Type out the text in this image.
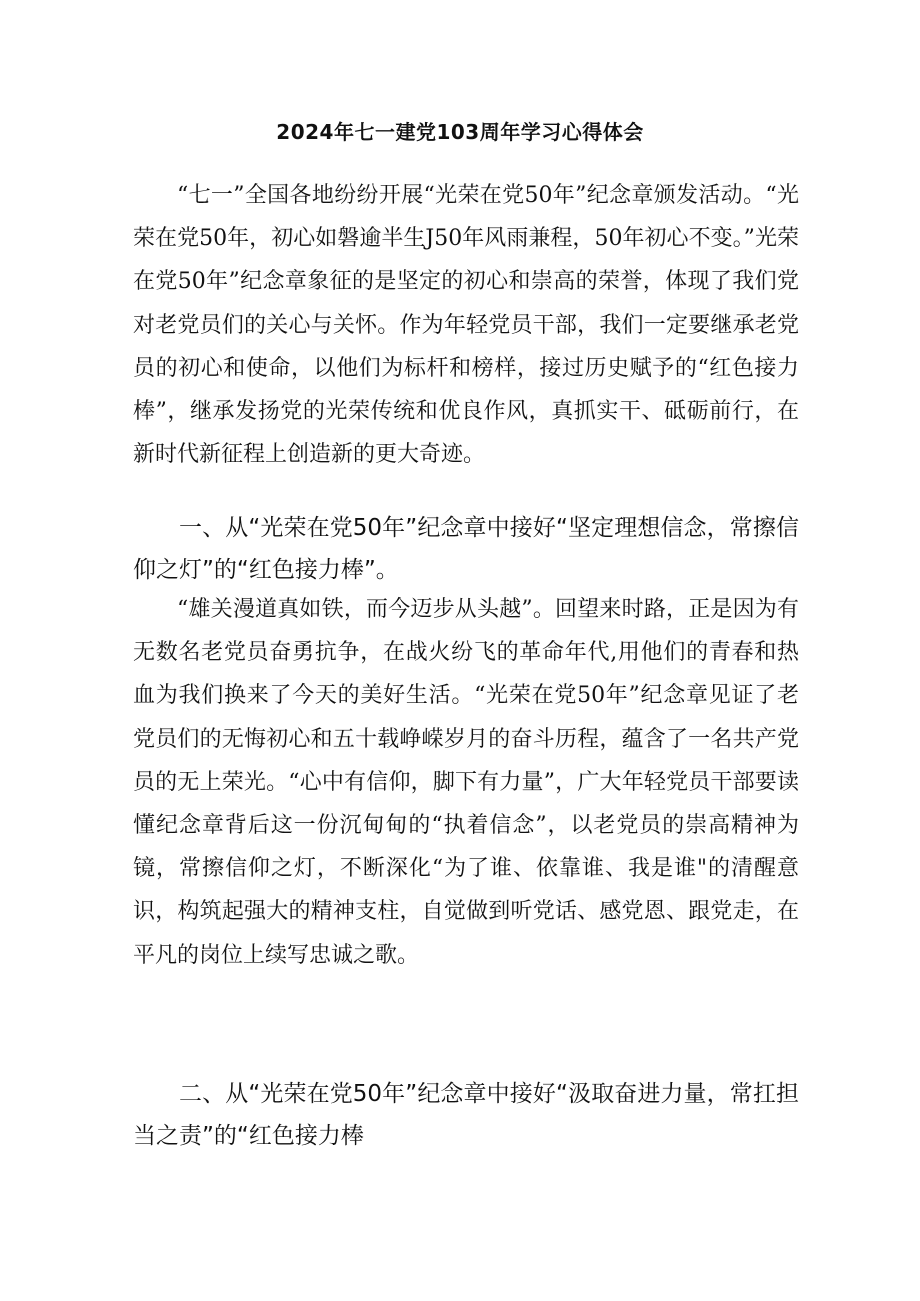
2024年七一建党103周年学习心得体会

“七一”全国各地纷纷开展“光荣在党50年”纪念章颁发活动。“光荣在党50年，初心如磐逾半生J50年风雨兼程，50年初心不变。”光荣在党50年”纪念章象征的是坚定的初心和崇高的荣誉，体现了我们党对老党员们的关心与关怀。作为年轻党员干部，我们一定要继承老党员的初心和使命，以他们为标杆和榜样，接过历史赋予的“红色接力棒”，继承发扬党的光荣传统和优良作风，真抓实干、砥砺前行，在新时代新征程上创造新的更大奇迹。

一、从“光荣在党50年”纪念章中接好“坚定理想信念，常擦信仰之灯”的“红色接力棒”。

“雄关漫道真如铁，而今迈步从头越”。回望来时路，正是因为有无数名老党员奋勇抗争，在战火纷飞的革命年代,用他们的青春和热血为我们换来了今天的美好生活。“光荣在党50年”纪念章见证了老党员们的无悔初心和五十载峥嵘岁月的奋斗历程，蕴含了一名共产党员的无上荣光。“心中有信仰，脚下有力量”，广大年轻党员干部要读懂纪念章背后这一份沉甸甸的“执着信念”，以老党员的崇高精神为镜，常擦信仰之灯，不断深化“为了谁、依靠谁、我是谁"的清醒意识，构筑起强大的精神支柱，自觉做到听党话、感党恩、跟党走，在平凡的岗位上续写忠诚之歌。

二、从“光荣在党50年”纪念章中接好“汲取奋进力量，常扛担当之责”的“红色接力棒
